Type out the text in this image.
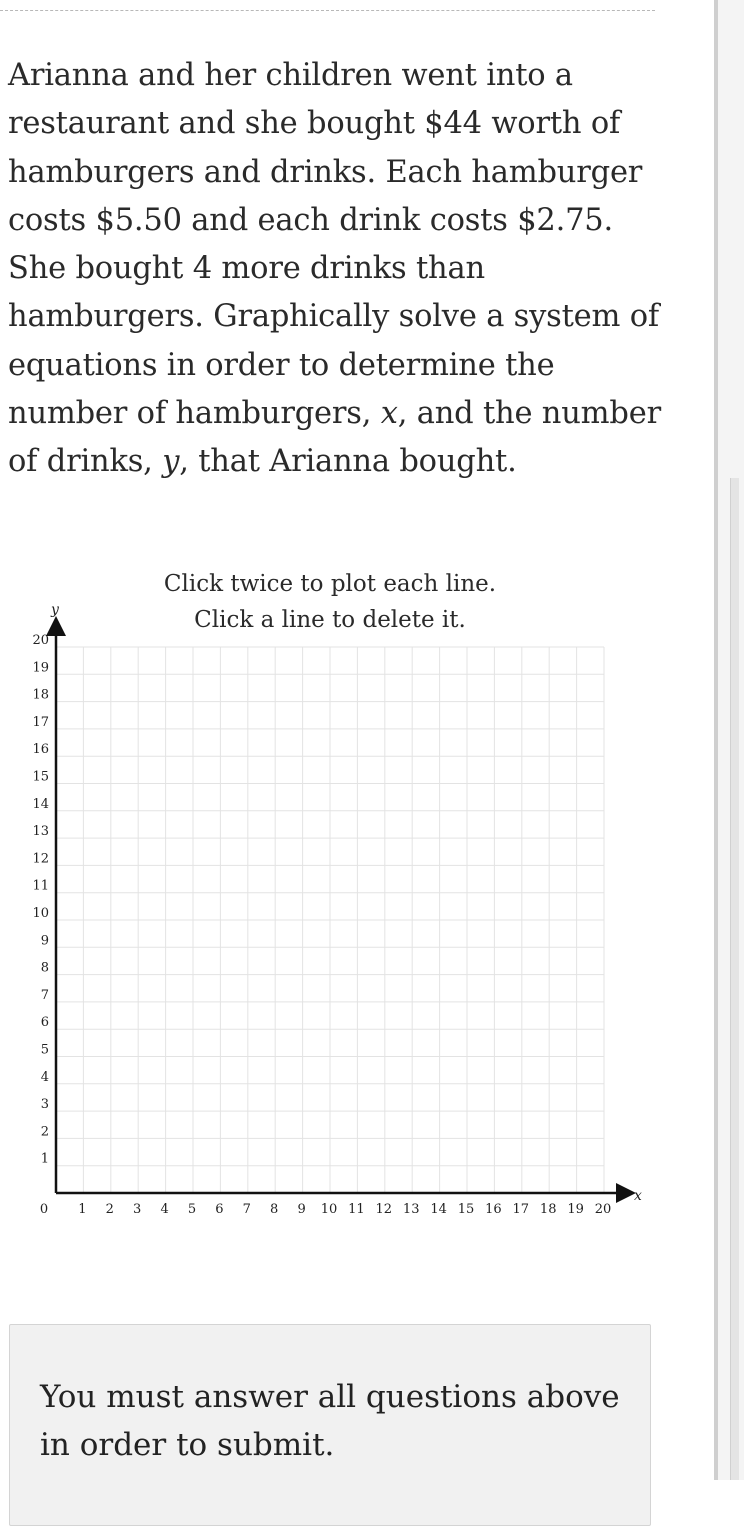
Arianna and her children went into a restaurant and she bought $44 worth of hamburgers and drinks. Each hamburger costs $5.50 and each drink costs $2.75. She bought 4 more drinks than hamburgers. Graphically solve a system of equations in order to determine the number of hamburgers, x, and the number of drinks, y, that Arianna bought.
Click twice to plot each line.
Click a line to delete it.
1 2 3 4 5 6 7 8 9 10 11 12 13 14 15 16 17 18 19 20
1
2
3
4
5
6
7
8
9
10
11
12
13
14
15
16
17
18
19
20
x
y
0
You must answer all questions above in order to submit.
